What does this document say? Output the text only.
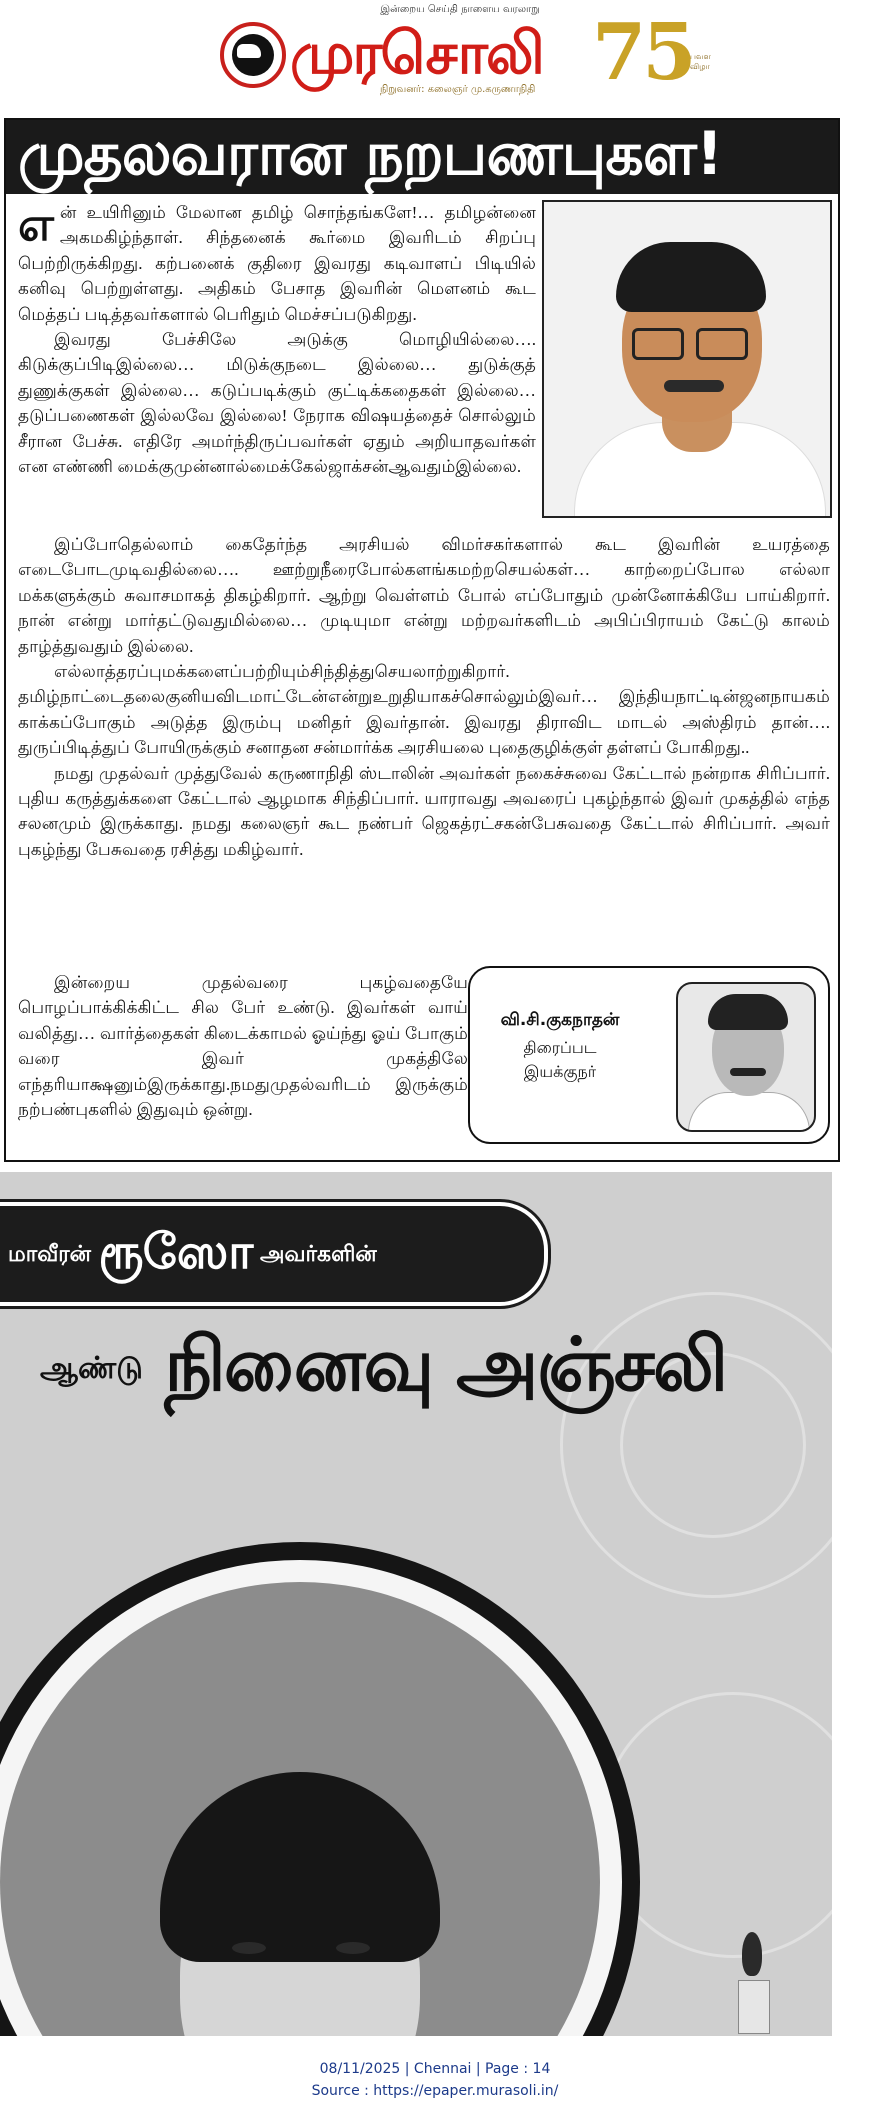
இன்றைய செய்தி நாளைய வரலாறு
முரசொலி
நிறுவனர்: கலைஞர் மு.கருணாநிதி 75
பவள விழா
முதலவரான நறபணபுகள!

என் உயிரினும் மேலான தமிழ் சொந்தங்களே!… தமிழன்னை அகமகிழ்ந்தாள். சிந்தனைக் கூர்மை இவரிடம் சிறப்பு பெற்றிருக்கிறது. கற்பனைக் குதிரை இவரது கடிவாளப் பிடியில் கனிவு பெற்றுள்ளது. அதிகம் பேசாத இவரின் மௌனம் கூட மெத்தப் படித்தவர்களால் பெரிதும் மெச்சப்படுகிறது.

இவரது பேச்சிலே அடுக்கு மொழியில்லை…. கிடுக்குப்பிடிஇல்லை… மிடுக்குநடை இல்லை… துடுக்குத் துணுக்குகள் இல்லை… கடுப்படிக்கும் குட்டிக்கதைகள் இல்லை… தடுப்பணைகள் இல்லவே இல்லை! நேராக விஷயத்தைச் சொல்லும் சீரான பேச்சு. எதிரே அமர்ந்திருப்பவர்கள் ஏதும் அறியாதவர்கள் என எண்ணி மைக்குமுன்னால்மைக்கேல்ஜாக்சன்ஆவதும்இல்லை.

இப்போதெல்லாம் கைதேர்ந்த அரசியல் விமர்சகர்களால் கூட இவரின் உயரத்தை எடைபோடமுடிவதில்லை…. ஊற்றுநீரைபோல்களங்கமற்றசெயல்கள்… காற்றைப்போல எல்லா மக்களுக்கும் சுவாசமாகத் திகழ்கிறார். ஆற்று வெள்ளம் போல் எப்போதும் முன்னோக்கியே பாய்கிறார். நான் என்று மார்தட்டுவதுமில்லை… முடியுமா என்று மற்றவர்களிடம் அபிப்பிராயம் கேட்டு காலம் தாழ்த்துவதும் இல்லை.

எல்லாத்தரப்புமக்களைப்பற்றியும்சிந்தித்துசெயலாற்றுகிறார். தமிழ்நாட்டைதலைகுனியவிடமாட்டேன்என்றுஉறுதியாகச்சொல்லும்இவர்… இந்தியநாட்டின்ஜனநாயகம் காக்கப்போகும் அடுத்த இரும்பு மனிதர் இவர்தான். இவரது திராவிட மாடல் அஸ்திரம் தான்…. துருப்பிடித்துப் போயிருக்கும் சனாதன சன்மார்க்க அரசியலை புதைகுழிக்குள் தள்ளப் போகிறது..

நமது முதல்வர் முத்துவேல் கருணாநிதி ஸ்டாலின் அவர்கள் நகைச்சுவை கேட்டால் நன்றாக சிரிப்பார். புதிய கருத்துக்களை கேட்டால் ஆழமாக சிந்திப்பார். யாராவது அவரைப் புகழ்ந்தால் இவர் முகத்தில் எந்த சலனமும் இருக்காது. நமது கலைஞர் கூட நண்பர் ஜெகத்ரட்சகன்பேசுவதை கேட்டால் சிரிப்பார். அவர் புகழ்ந்து பேசுவதை ரசித்து மகிழ்வார்.

இன்றைய முதல்வரை புகழ்வதையே பொழப்பாக்கிக்கிட்ட சில பேர் உண்டு. இவர்கள் வாய் வலித்து… வார்த்தைகள் கிடைக்காமல் ஓய்ந்து ஓய் போகும் வரை இவர் முகத்திலே எந்தரியாக்ஷனும்இருக்காது.நமதுமுதல்வரிடம் இருக்கும் நற்பண்புகளில் இதுவும் ஒன்று.

வி.சி.குகநாதன்
திரைப்பட
இயக்குநர்
மாவீரன் ரூஸோ அவர்களின்
ஆண்டு நினைவு அஞ்சலி
08/11/2025 | Chennai | Page : 14
Source : https://epaper.murasoli.in/
